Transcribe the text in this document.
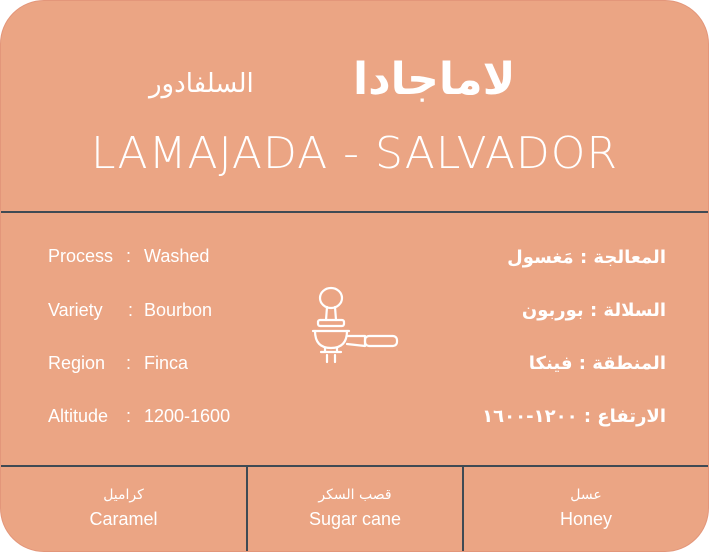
لاماجادا
السلفادور
LAMAJADA - SALVADOR
Process : Washed
Variety : Bourbon
Region : Finca
Altitude : 1200-1600
المعالجة : مَغسول
السلالة : بوربون
المنطقة : فينكا
الارتفاع : ١٢٠٠-١٦٠٠
كراميل
Caramel
قصب السكر
Sugar cane
عسل
Honey
